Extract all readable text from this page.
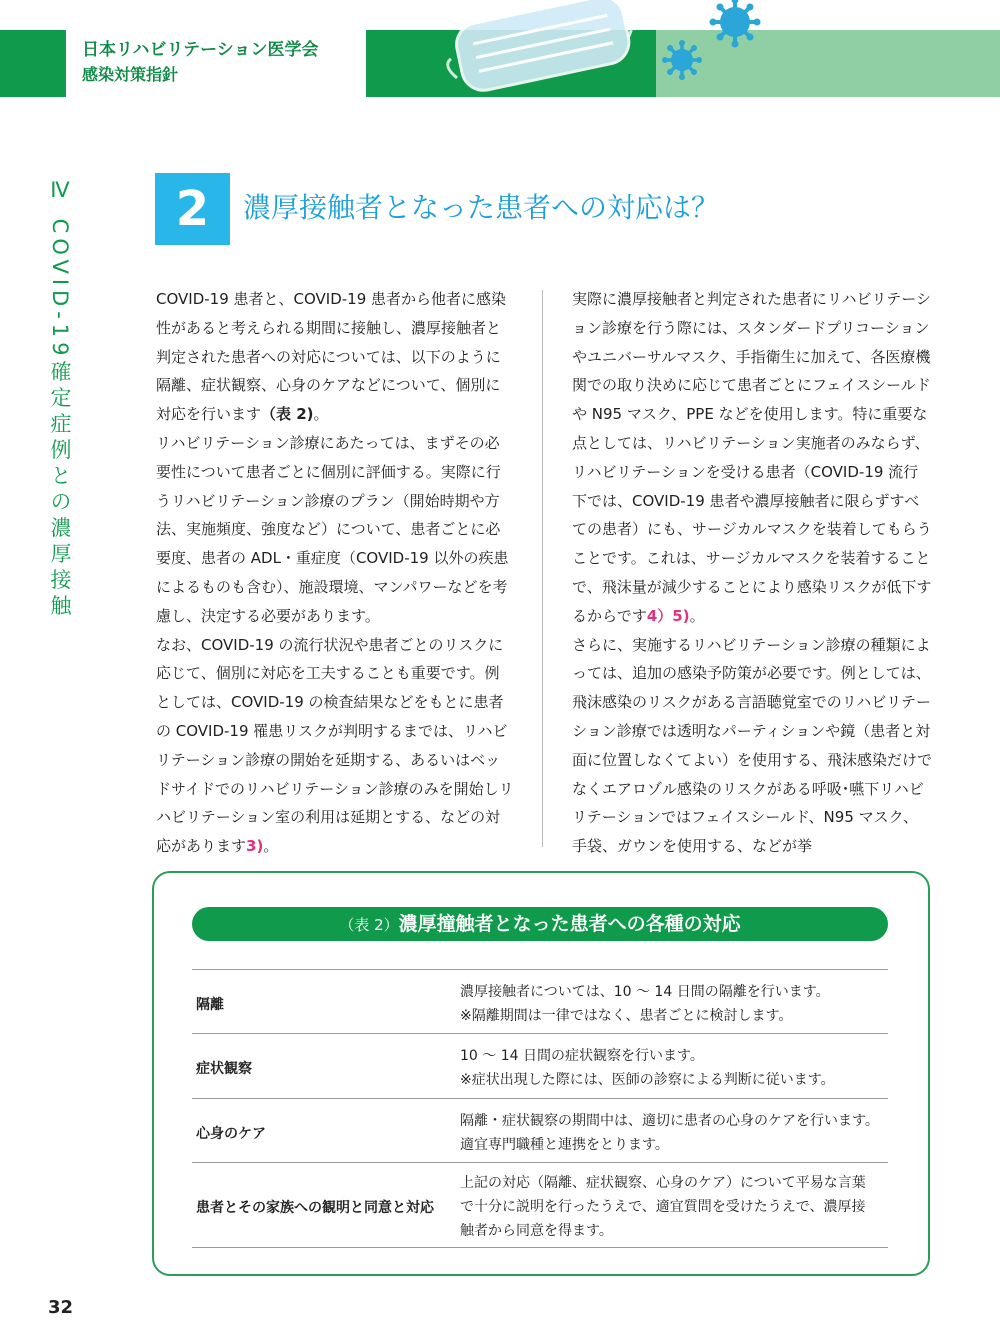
日本リハビリテーション医学会
感染対策指針
Ⅳ COVID-19確定症例との濃厚接触	2	濃厚接触者となった患者への対応は？

COVID-19 患者と、COVID-19 患者から他者に感染性があると考えられる期間に接触し、濃厚接触者と判定された患者への対応については、以下のように隔離、症状観察、心身のケアなどについて、個別に対応を行います（表 2)。

リハビリテーション診療にあたっては、まずその必要性について患者ごとに個別に評価する。実際に行うリハビリテーション診療のプラン（開始時期や方法、実施頻度、強度など）について、患者ごとに必要度、患者の ADL・重症度（COVID-19 以外の疾患によるものも含む）、施設環境、マンパワーなどを考慮し、決定する必要があります。

なお、COVID-19 の流行状況や患者ごとのリスクに応じて、個別に対応を工夫することも重要です。例としては、COVID-19 の検査結果などをもとに患者の COVID-19 罹患リスクが判明するまでは、リハビリテーション診療の開始を延期する、あるいはベッドサイドでのリハビリテーション診療のみを開始しリハビリテーション室の利用は延期とする、などの対応があります3)。

実際に濃厚接触者と判定された患者にリハビリテーション診療を行う際には、スタンダードプリコーションやユニバーサルマスク、手指衛生に加えて、各医療機関での取り決めに応じて患者ごとにフェイスシールドや N95 マスク、PPE などを使用します。特に重要な点としては、リハビリテーション実施者のみならず、リハビリテーションを受ける患者（COVID-19 流行下では、COVID-19 患者や濃厚接触者に限らずすべての患者）にも、サージカルマスクを装着してもらうことです。これは、サージカルマスクを装着することで、飛沫量が減少することにより感染リスクが低下するからです4）5)。

さらに、実施するリハビリテーション診療の種類によっては、追加の感染予防策が必要です。例としては、飛沫感染のリスクがある言語聴覚室でのリハビリテーション診療では透明なパーティションや鏡（患者と対面に位置しなくてよい）を使用する、飛沫感染だけでなくエアロゾル感染のリスクがある呼吸･嚥下リハビリテーションではフェイスシールド、N95 マスク、手袋、ガウンを使用する、などが挙

（表 2）濃厚撞触者となった患者への各種の対応
隔離

濃厚接触者については、10 ～ 14 日間の隔離を行います。

※隔離期間は一律ではなく、患者ごとに検討します。

症状観察

10 ～ 14 日間の症状観察を行います。

※症状出現した際には、医師の診察による判断に従います。

心身のケア

隔離・症状観察の期間中は、適切に患者の心身のケアを行います。

適宜専門職種と連携をとります。

患者とその家族への観明と同意と対応

上記の対応（隔離、症状観察、心身のケア）について平易な言葉

で十分に説明を行ったうえで、適宜質問を受けたうえで、濃厚接

触者から同意を得ます。

32
